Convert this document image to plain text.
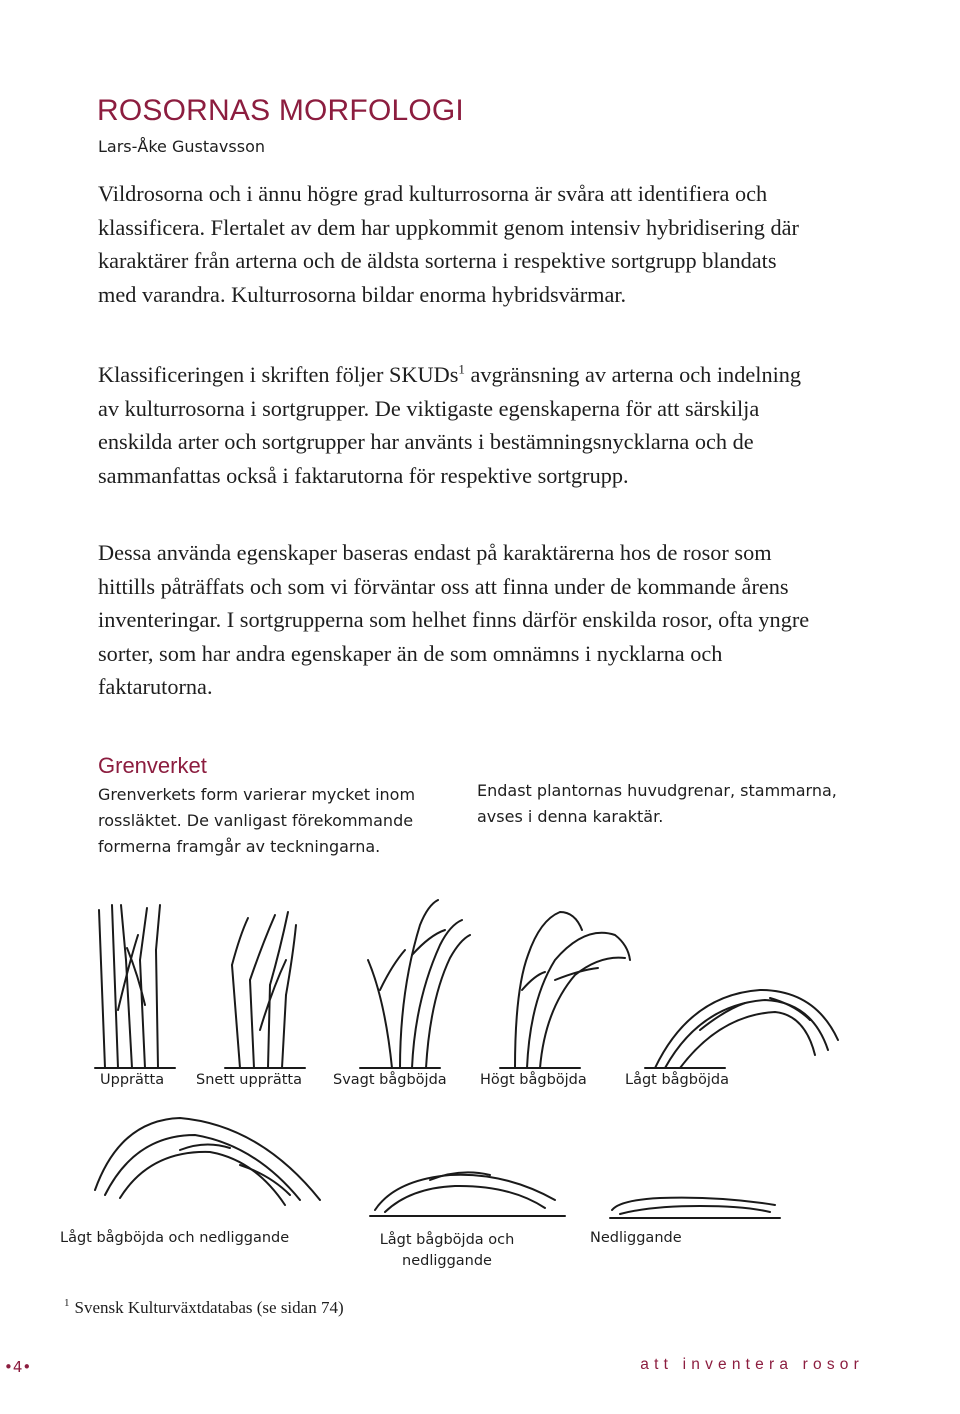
ROSORNAS MORFOLOGI
Lars-Åke Gustavsson
Vildrosorna och i ännu högre grad kulturrosorna är svåra att identifiera och klassificera. Flertalet av dem har uppkommit genom intensiv hybridisering där karaktärer från arterna och de äldsta sorterna i respektive sortgrupp blandats med varandra. Kulturrosorna bildar enorma hybridsvärmar.
Klassificeringen i skriften följer SKUDs$^1$ avgränsning av arterna och indelning av kulturrosorna i sortgrupper. De viktigaste egenskaperna för att särskilja enskilda arter och sortgrupper har använts i bestämningsnycklarna och de sammanfattas också i faktarutorna för respektive sortgrupp.
Dessa använda egenskaper baseras endast på karaktärerna hos de rosor som hittills påträffats och som vi förväntar oss att finna under de kommande årens inventeringar. I sortgrupperna som helhet finns därför enskilda rosor, ofta yngre sorter, som har andra egenskaper än de som omnämns i nycklarna och faktarutorna.
Grenverket
Grenverkets form varierar mycket inom rossläktet. De vanligast förekommande formerna framgår av teckningarna.
Endast plantornas huvudgrenar, stammarna, avses i denna karaktär.
Upprätta Snett upprätta Svagt bågböjda Högt bågböjda	Lågt bågböjda
Lågt bågböjda och nedliggande	Lågt bågböjda och nedliggande
Nedliggande
$^1$ Svensk Kulturväxtdatabas (se sidan 74)
•4•	att inventera rosor
